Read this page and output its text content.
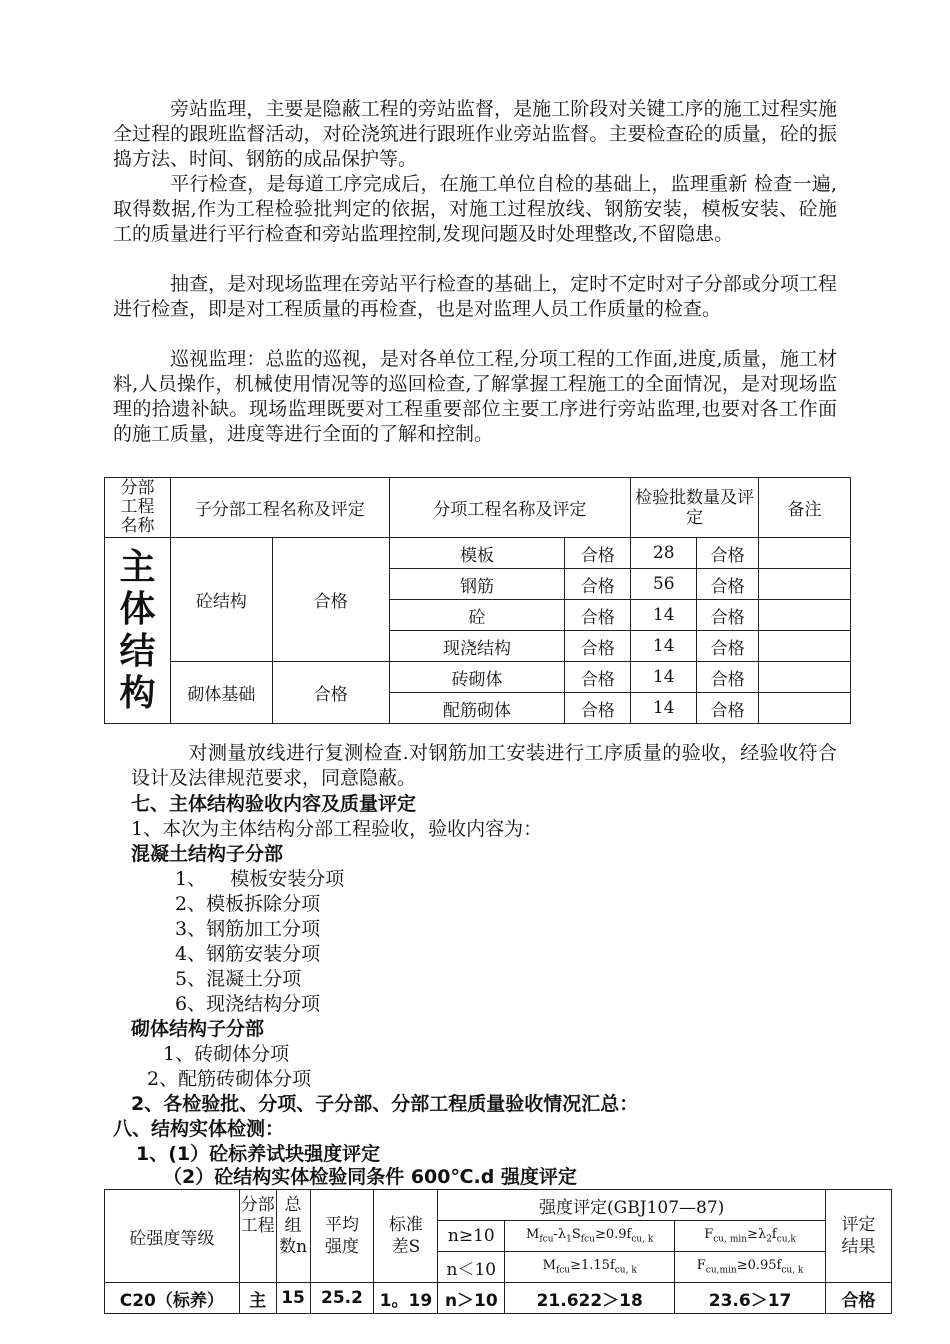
旁站监理，主要是隐蔽工程的旁站监督，是施工阶段对关键工序的施工过程实施全过程的跟班监督活动，对砼浇筑进行跟班作业旁站监督。主要检查砼的质量，砼的振捣方法、时间、钢筋的成品保护等。

平行检查，是每道工序完成后，在施工单位自检的基础上，监理重新 检查一遍,取得数据,作为工程检验批判定的依据，对施工过程放线、钢筋安装，模板安装、砼施工的质量进行平行检查和旁站监理控制,发现问题及时处理整改,不留隐患。

抽查，是对现场监理在旁站平行检查的基础上，定时不定时对子分部或分项工程进行检查，即是对工程质量的再检查，也是对监理人员工作质量的检查。

巡视监理：总监的巡视，是对各单位工程,分项工程的工作面,进度,质量，施工材料,人员操作，机械使用情况等的巡回检查,了解掌握工程施工的全面情况，是对现场监理的拾遗补缺。现场监理既要对工程重要部位主要工序进行旁站监理,也要对各工作面的施工质量，进度等进行全面的了解和控制。

分部工程名称	子分部工程名称及评定		分项工程名称及评定		检验批数量及评定		备注

主体结构	砼结构	合格	模板	合格	28	合格	
			钢筋	合格	56	合格	
			砼	合格	14	合格	
			现浇结构	合格	14	合格	
	砌体基础	合格	砖砌体	合格	14	合格	
			配筋砌体	合格	14	合格	

对测量放线进行复测检查.对钢筋加工安装进行工序质量的验收，经验收符合设计及法律规范要求，同意隐蔽。

七、主体结构验收内容及质量评定

1、本次为主体结构分部工程验收，验收内容为：

混凝土结构子分部

1、    模板安装分项

2、模板拆除分项

3、钢筋加工分项

4、钢筋安装分项

5、混凝土分项

6、现浇结构分项

砌体结构子分部

1、砖砌体分项

2、配筋砖砌体分项

2、各检验批、分项、子分部、分部工程质量验收情况汇总：

八、结构实体检测：

1、(1）砼标养试块强度评定

（2）砼结构实体检验同条件 600℃.d 强度评定

砼强度等级	分部工程	总组数n	平均强度	标准差S	强度评定(GBJ107—87)			评定结果
					n≥10	$M_{fcu}-\lambda_1S_{fcu}\ge 0.9f_{cu, k}$	$F_{cu, min}\ge\lambda_2f_{cu,k}$
					n＜10	$M_{fcu}\ge 1.15f_{cu, k}$	$F_{cu,min}\ge 0.95f_{cu, k}$
C20（标养）	主	15	25.2	1。19	n＞10	21.622＞18	23.6＞17	合格
